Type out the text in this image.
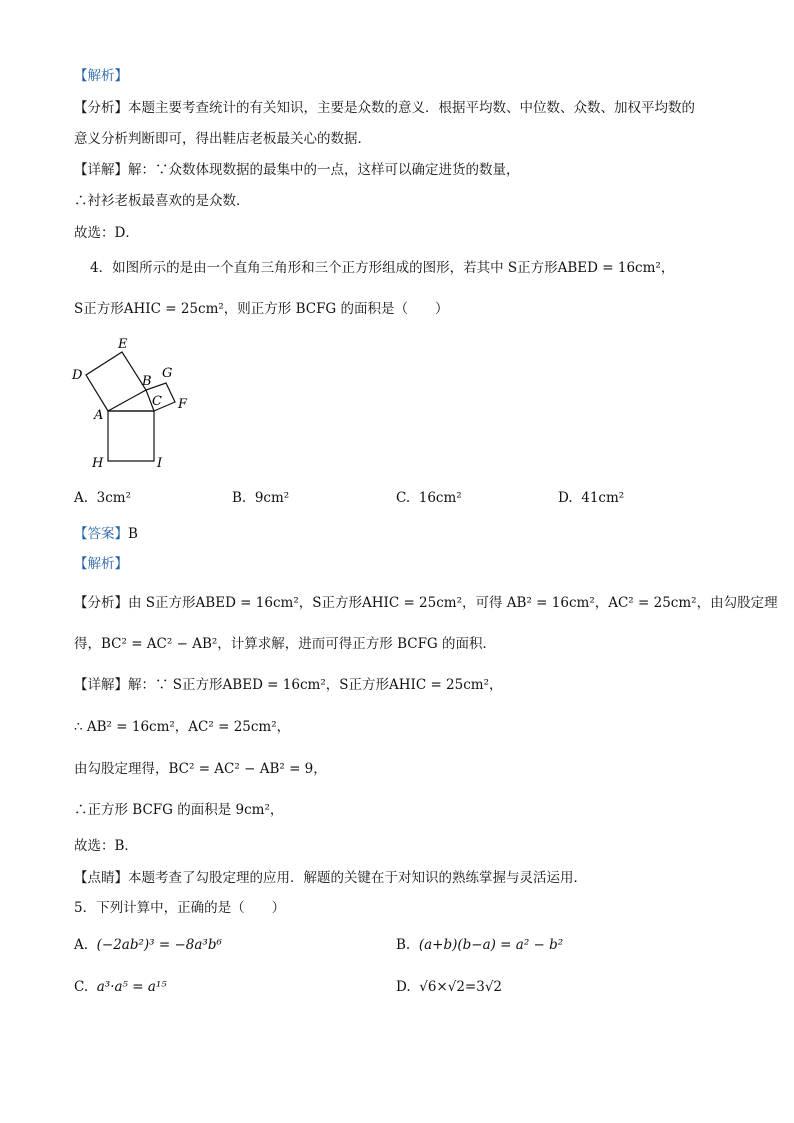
【解析】
【分析】本题主要考查统计的有关知识，主要是众数的意义．根据平均数、中位数、众数、加权平均数的
意义分析判断即可，得出鞋店老板最关心的数据．
【详解】解：∵众数体现数据的最集中的一点，这样可以确定进货的数量，
∴衬衫老板最喜欢的是众数．
故选：D．
4．如图所示的是由一个直角三角形和三个正方形组成的图形，若其中 S正方形ABED = 16cm²，
S正方形AHIC = 25cm²，则正方形 BCFG 的面积是（　　）
E
D	B
G
A
C F
H	I
A. 3cm²	B. 9cm²	C. 16cm²	D. 41cm²
【答案】B
【解析】
【分析】由 S正方形ABED = 16cm²，S正方形AHIC = 25cm²，可得 AB² = 16cm²，AC² = 25cm²，由勾股定理
得，BC² = AC² − AB²，计算求解，进而可得正方形 BCFG 的面积．
【详解】解：∵ S正方形ABED = 16cm²，S正方形AHIC = 25cm²，
∴ AB² = 16cm²，AC² = 25cm²，
由勾股定理得，BC² = AC² − AB² = 9，
∴正方形 BCFG 的面积是 9cm²，
故选：B．
【点睛】本题考查了勾股定理的应用．解题的关键在于对知识的熟练掌握与灵活运用．
5．下列计算中，正确的是（　　）
A. (−2ab²)³ = −8a³b⁶	B. (a+b)(b−a) = a² − b²
C. a³·a⁵ = a¹⁵	D. √6×√2=3√2
